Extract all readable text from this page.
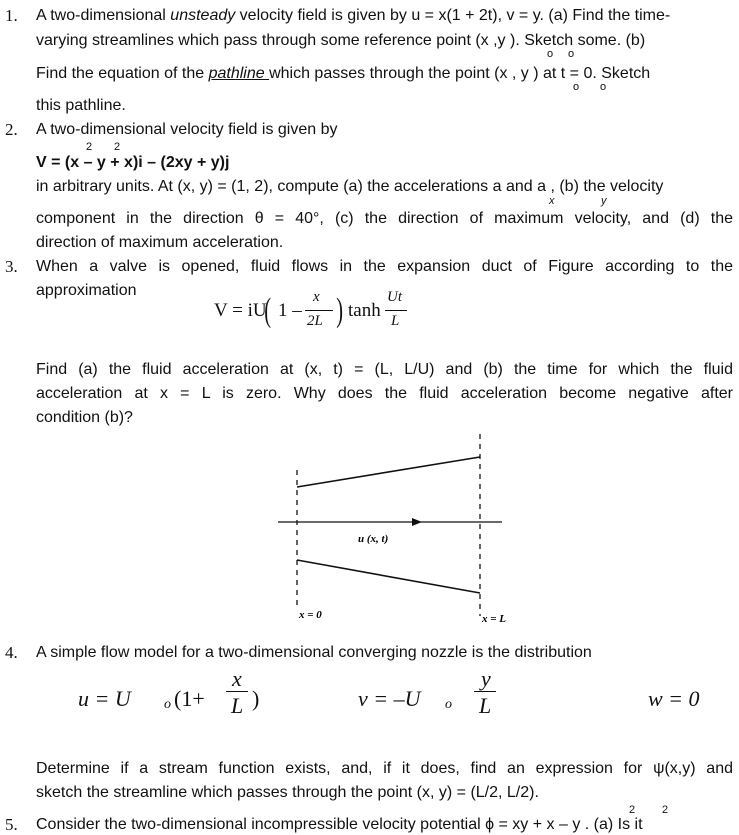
1. A two-dimensional unsteady velocity field is given by u = x(1 + 2t), v = y. (a) Find the time-
varying streamlines which pass through some reference point (x ,y ). Sketch some. (b)
o o
Find the equation of the pathline which passes through the point (x , y ) at t = 0. Sketch
o o
this pathline.
2. A two-dimensional velocity field is given by
2 2
V = (x – y + x)i – (2xy + y)j
in arbitrary units. At (x, y) = (1, 2), compute (a) the accelerations a and a , (b) the velocity
x	y
component in the direction θ = 40°, (c) the direction of maximum velocity, and (d) the
direction of maximum acceleration.
3. When a valve is opened, fluid flows in the expansion duct of Figure according to the
approximation
V = iU
( 1 –
x
2L ) tanh
Ut
L
Find (a) the fluid acceleration at (x, t) = (L, L/U) and (b) the time for which the fluid
acceleration at x = L is zero. Why does the fluid acceleration become negative after
condition (b)?
u (x, t)
x = 0	x = L
4. A simple flow model for a two-dimensional converging nozzle is the distribution
u = U o (1+
x
L )	v = –U o
y
L	w = 0
Determine if a stream function exists, and, if it does, find an expression for ψ(x,y) and
sketch the streamline which passes through the point (x, y) = (L/2, L/2).
5.
2 2
Consider the two-dimensional incompressible velocity potential ϕ = xy + x – y . (a) Is it
